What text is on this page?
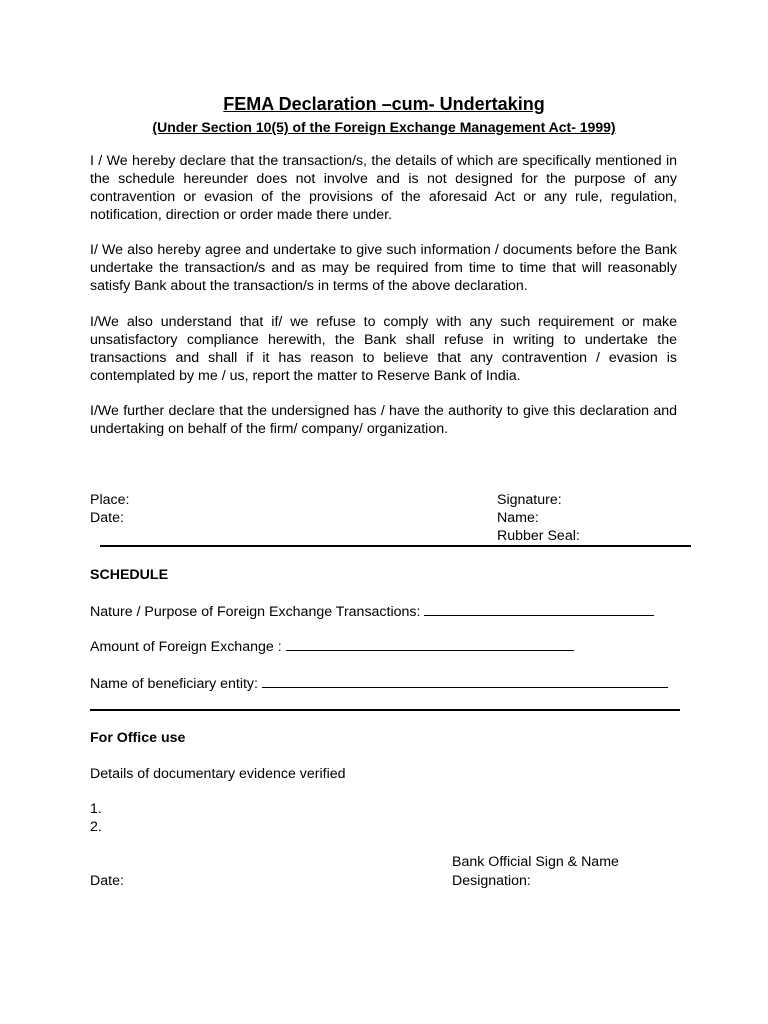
FEMA Declaration –cum- Undertaking
(Under Section 10(5) of the Foreign Exchange Management Act- 1999)
I / We hereby declare that the transaction/s, the details of which are specifically mentioned in the schedule hereunder does not involve and is not designed for the purpose of any contravention or evasion of the provisions of the aforesaid Act or any rule, regulation, notification, direction or order made there under.
I/ We also hereby agree and undertake to give such information / documents before the Bank undertake the transaction/s and as may be required from time to time that will reasonably satisfy Bank about the transaction/s in terms of the above declaration.
I/We also understand that if/ we refuse to comply with any such requirement or make unsatisfactory compliance herewith, the Bank shall refuse in writing to undertake the transactions and shall if it has reason to believe that any contravention / evasion is contemplated by me / us, report the matter to Reserve Bank of India.
I/We further declare that the undersigned has / have the authority to give this declaration and undertaking on behalf of the firm/ company/ organization.
Place:
Date:
Signature:
Name:
Rubber Seal:
SCHEDULE
Nature / Purpose of Foreign Exchange Transactions:
Amount of Foreign Exchange :
Name of beneficiary entity:
For Office use
Details of documentary evidence verified
1.
2.
Bank Official Sign & Name
Date:	Designation:
